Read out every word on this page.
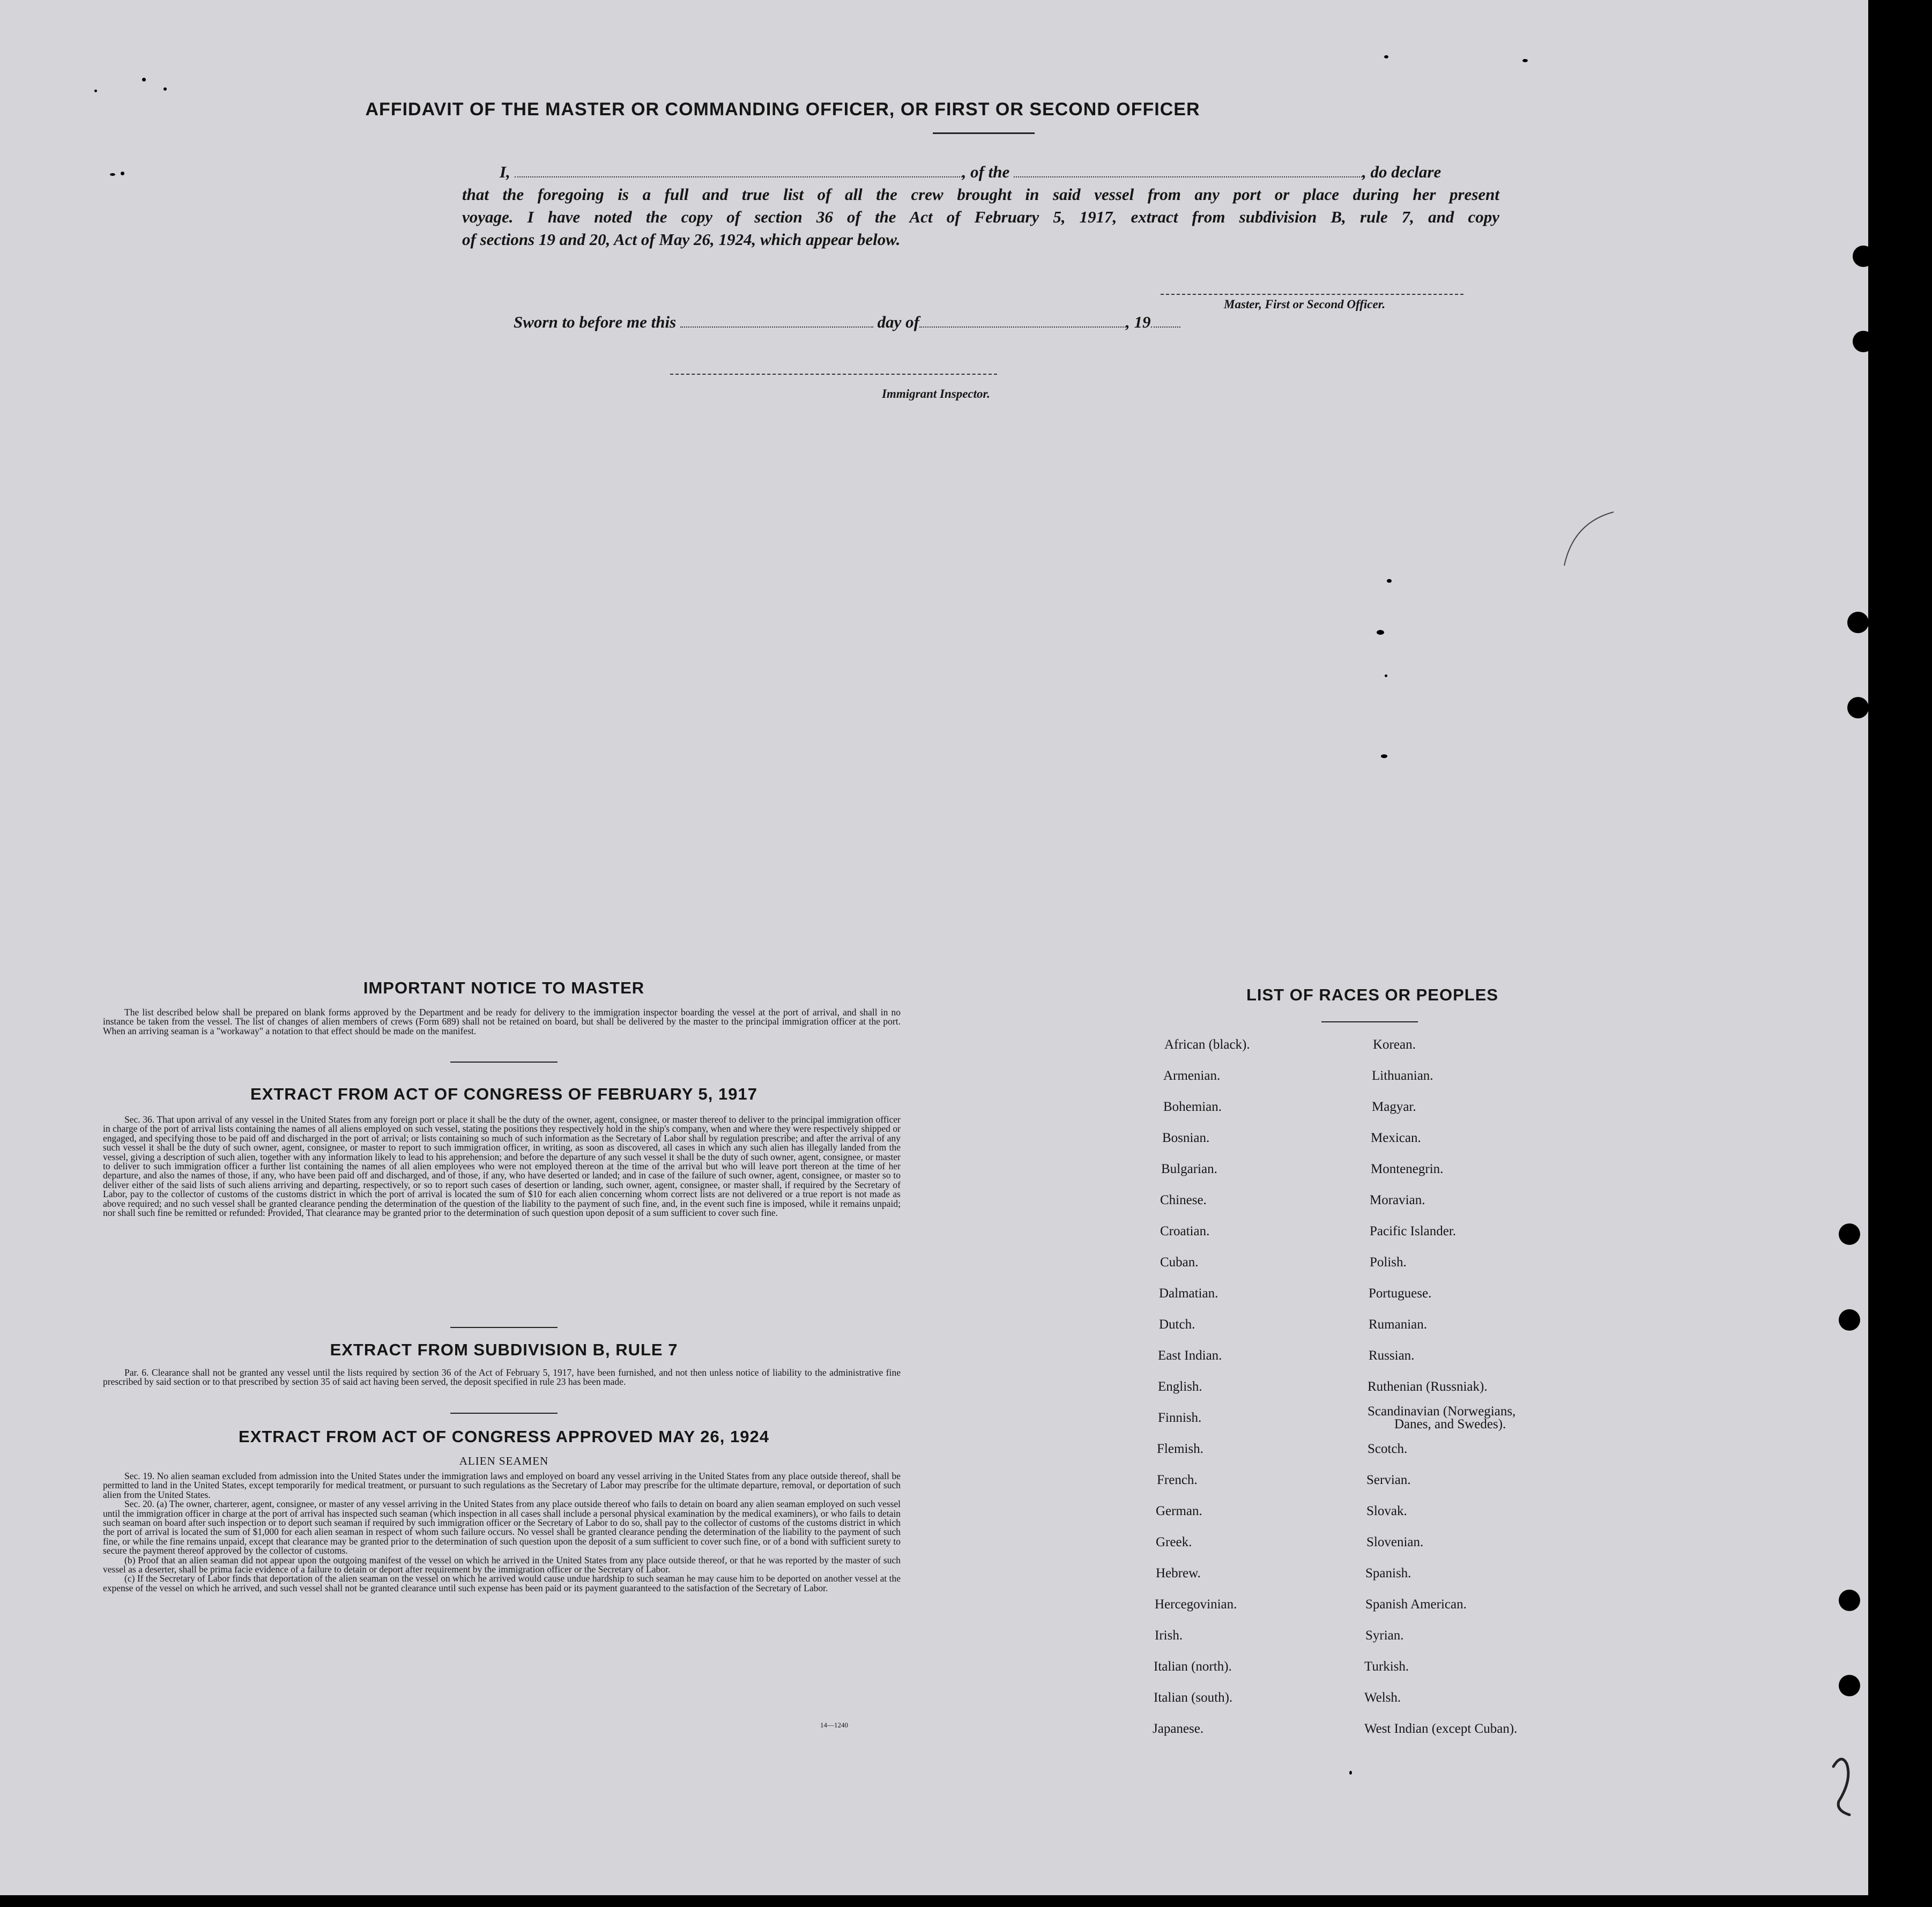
AFFIDAVIT OF THE MASTER OR COMMANDING OFFICER, OR FIRST OR SECOND OFFICER

I,	, of the	, do declare

that the foregoing is a full and true list of all the crew brought in said vessel from any port or place during her present

voyage. I have noted the copy of section 36 of the Act of February 5, 1917, extract from subdivision B, rule 7, and copy

of sections 19 and 20, Act of May 26, 1924, which appear below.

Master, First or Second Officer.
Sworn to before me this	day of	, 19
Immigrant Inspector.
IMPORTANT NOTICE TO MASTER
The list described below shall be prepared on blank forms approved by the Department and be ready for delivery to the immigration inspector boarding the vessel at the port of arrival, and shall in no instance be taken from the vessel. The list of changes of alien members of crews (Form 689) shall not be retained on board, but shall be delivered by the master to the principal immigration officer at the port. When an arriving seaman is a "workaway" a notation to that effect should be made on the manifest.
EXTRACT FROM ACT OF CONGRESS OF FEBRUARY 5, 1917
Sec. 36. That upon arrival of any vessel in the United States from any foreign port or place it shall be the duty of the owner, agent, consignee, or master thereof to deliver to the principal immigration officer in charge of the port of arrival lists containing the names of all aliens employed on such vessel, stating the positions they respectively hold in the ship's company, when and where they were respectively shipped or engaged, and specifying those to be paid off and discharged in the port of arrival; or lists containing so much of such information as the Secretary of Labor shall by regulation prescribe; and after the arrival of any such vessel it shall be the duty of such owner, agent, consignee, or master to report to such immigration officer, in writing, as soon as discovered, all cases in which any such alien has illegally landed from the vessel, giving a description of such alien, together with any information likely to lead to his apprehension; and before the departure of any such vessel it shall be the duty of such owner, agent, consignee, or master to deliver to such immigration officer a further list containing the names of all alien employees who were not employed thereon at the time of the arrival but who will leave port thereon at the time of her departure, and also the names of those, if any, who have been paid off and discharged, and of those, if any, who have deserted or landed; and in case of the failure of such owner, agent, consignee, or master so to deliver either of the said lists of such aliens arriving and departing, respectively, or so to report such cases of desertion or landing, such owner, agent, consignee, or master shall, if required by the Secretary of Labor, pay to the collector of customs of the customs district in which the port of arrival is located the sum of $10 for each alien concerning whom correct lists are not delivered or a true report is not made as above required; and no such vessel shall be granted clearance pending the determination of the question of the liability to the payment of such fine, and, in the event such fine is imposed, while it remains unpaid; nor shall such fine be remitted or refunded: Provided, That clearance may be granted prior to the determination of such question upon deposit of a sum sufficient to cover such fine.
EXTRACT FROM SUBDIVISION B, RULE 7
Par. 6. Clearance shall not be granted any vessel until the lists required by section 36 of the Act of February 5, 1917, have been furnished, and not then unless notice of liability to the administrative fine prescribed by said section or to that prescribed by section 35 of said act having been served, the deposit specified in rule 23 has been made.
EXTRACT FROM ACT OF CONGRESS APPROVED MAY 26, 1924
ALIEN SEAMEN

Sec. 19. No alien seaman excluded from admission into the United States under the immigration laws and employed on board any vessel arriving in the United States from any place outside thereof, shall be permitted to land in the United States, except temporarily for medical treatment, or pursuant to such regulations as the Secretary of Labor may prescribe for the ultimate departure, removal, or deportation of such alien from the United States.

Sec. 20. (a) The owner, charterer, agent, consignee, or master of any vessel arriving in the United States from any place outside thereof who fails to detain on board any alien seaman employed on such vessel until the immigration officer in charge at the port of arrival has inspected such seaman (which inspection in all cases shall include a personal physical examination by the medical examiners), or who fails to detain such seaman on board after such inspection or to deport such seaman if required by such immigration officer or the Secretary of Labor to do so, shall pay to the collector of customs of the customs district in which the port of arrival is located the sum of $1,000 for each alien seaman in respect of whom such failure occurs. No vessel shall be granted clearance pending the determination of the liability to the payment of such fine, or while the fine remains unpaid, except that clearance may be granted prior to the determination of such question upon the deposit of a sum sufficient to cover such fine, or of a bond with sufficient surety to secure the payment thereof approved by the collector of customs.

(b) Proof that an alien seaman did not appear upon the outgoing manifest of the vessel on which he arrived in the United States from any place outside thereof, or that he was reported by the master of such vessel as a deserter, shall be prima facie evidence of a failure to detain or deport after requirement by the immigration officer or the Secretary of Labor.

(c) If the Secretary of Labor finds that deportation of the alien seaman on the vessel on which he arrived would cause undue hardship to such seaman he may cause him to be deported on another vessel at the expense of the vessel on which he arrived, and such vessel shall not be granted clearance until such expense has been paid or its payment guaranteed to the satisfaction of the Secretary of Labor.

14—1240
LIST OF RACES OR PEOPLES
African (black).
Armenian.
Bohemian.
Bosnian.
Bulgarian.
Chinese.
Croatian.
Cuban.
Dalmatian.
Dutch.
East Indian.
English.
Finnish.
Flemish.
French.
German.
Greek.
Hebrew.
Hercegovinian.
Irish.
Italian (north).
Italian (south).
Japanese.
Korean.
Lithuanian.
Magyar.
Mexican.
Montenegrin.
Moravian.
Pacific Islander.
Polish.
Portuguese.
Rumanian.
Russian.
Ruthenian (Russniak).
Scandinavian (Norwegians,
Danes, and Swedes).
Scotch.
Servian.
Slovak.
Slovenian.
Spanish.
Spanish American.
Syrian.
Turkish.
Welsh.
West Indian (except Cuban).
